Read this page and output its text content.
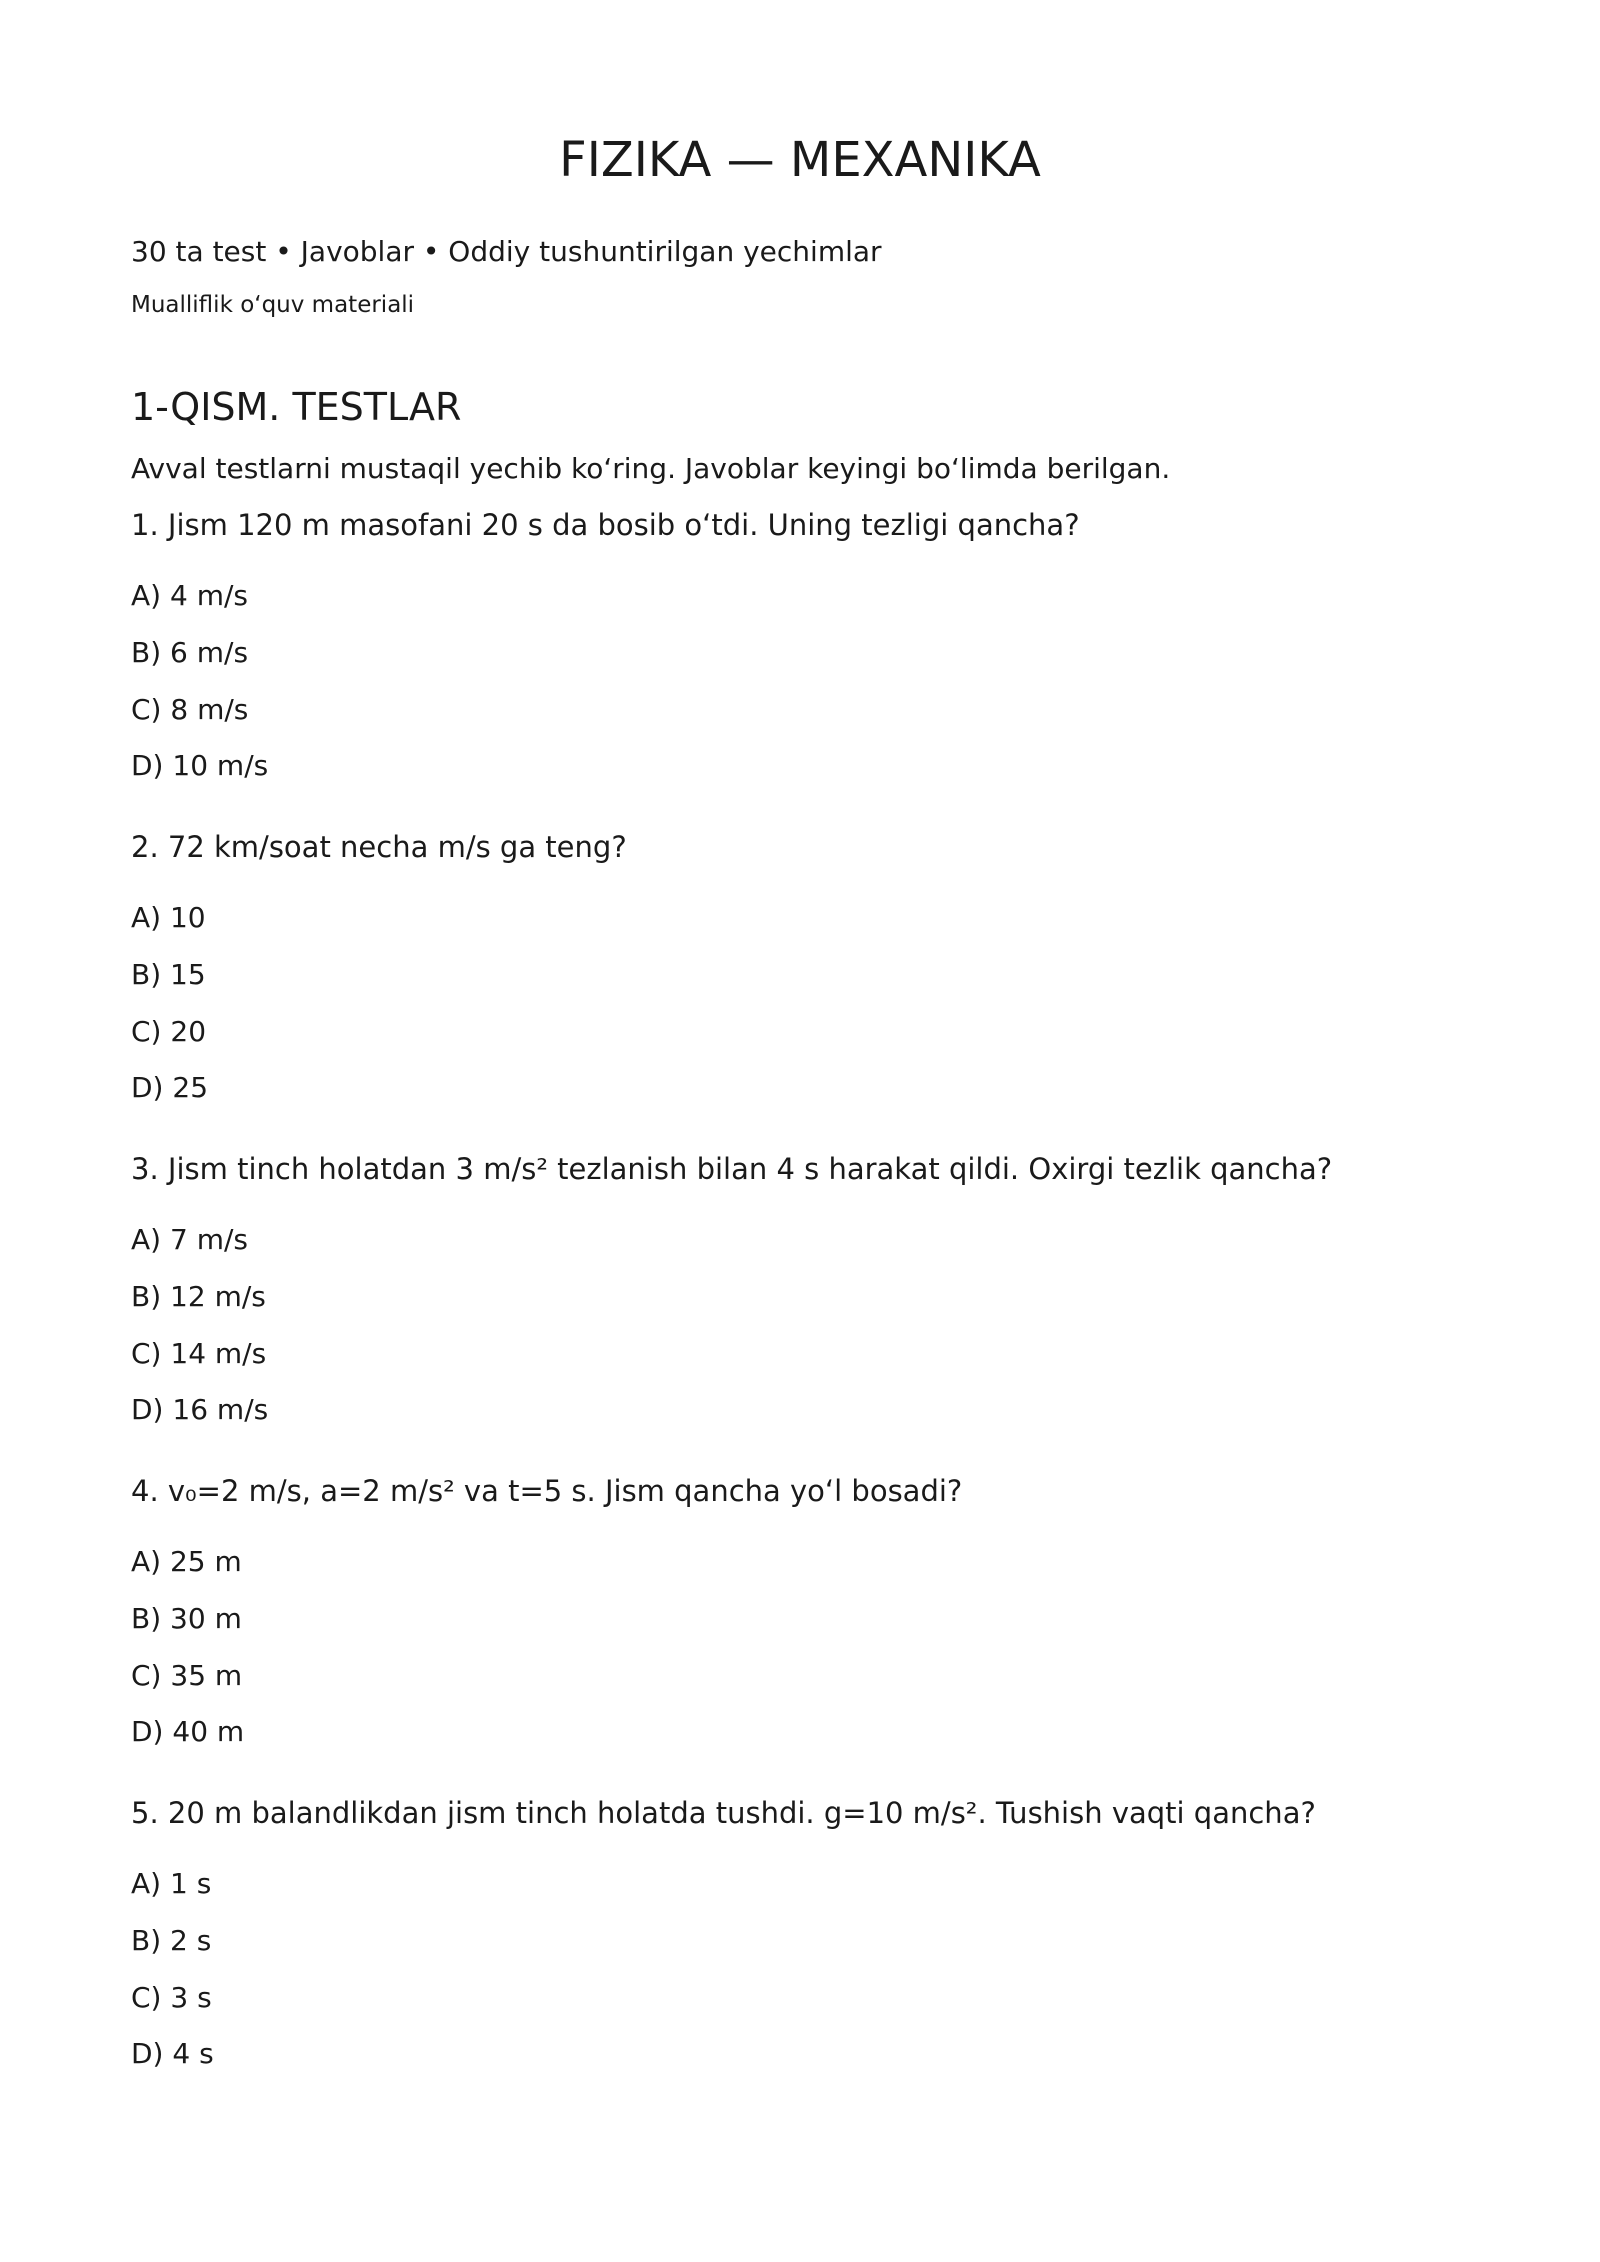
FIZIKA — MEXANIKA
30 ta test • Javoblar • Oddiy tushuntirilgan yechimlar
Mualliflik o‘quv materiali
1-QISM. TESTLAR
Avval testlarni mustaqil yechib ko‘ring. Javoblar keyingi bo‘limda berilgan.
1. Jism 120 m masofani 20 s da bosib o‘tdi. Uning tezligi qancha?
A) 4 m/s
B) 6 m/s
C) 8 m/s
D) 10 m/s
2. 72 km/soat necha m/s ga teng?
A) 10
B) 15
C) 20
D) 25
3. Jism tinch holatdan 3 m/s² tezlanish bilan 4 s harakat qildi. Oxirgi tezlik qancha?
A) 7 m/s
B) 12 m/s
C) 14 m/s
D) 16 m/s
4. v₀=2 m/s, a=2 m/s² va t=5 s. Jism qancha yo‘l bosadi?
A) 25 m
B) 30 m
C) 35 m
D) 40 m
5. 20 m balandlikdan jism tinch holatda tushdi. g=10 m/s². Tushish vaqti qancha?
A) 1 s
B) 2 s
C) 3 s
D) 4 s
